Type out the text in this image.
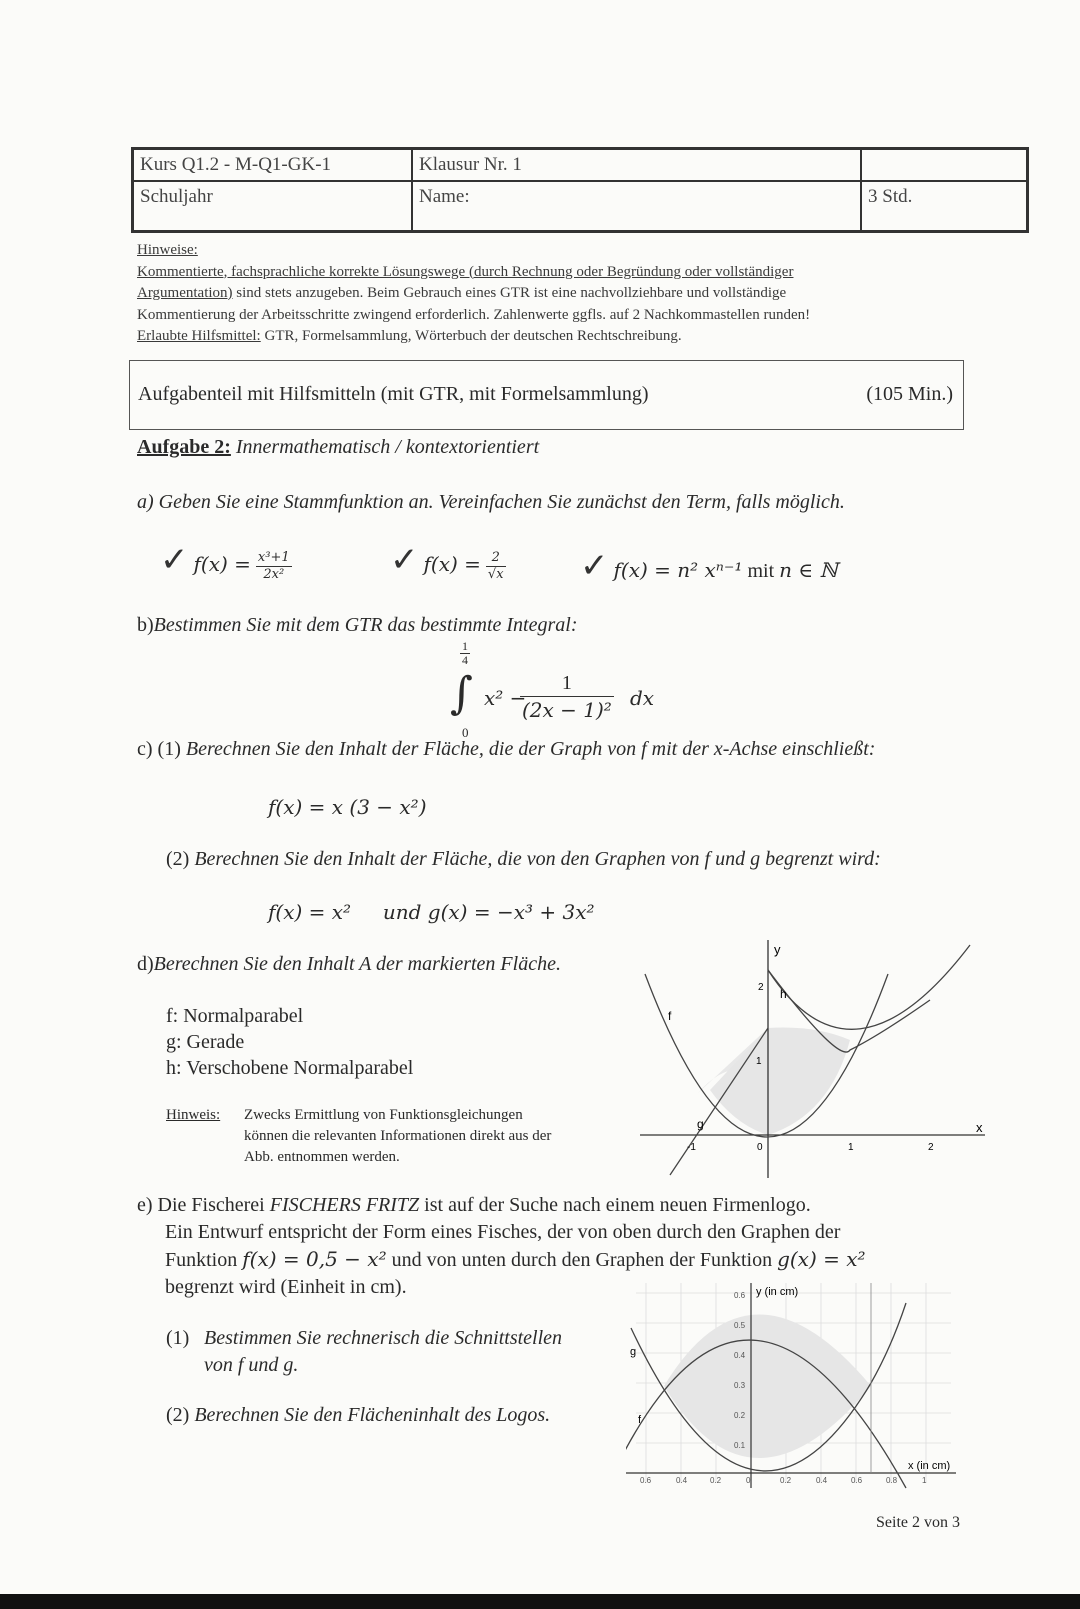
Kurs Q1.2 - M-Q1-GK-1	Klausur Nr. 1
Schuljahr	Name:	3 Std.
Hinweise:
Kommentierte, fachsprachliche korrekte Lösungswege (durch Rechnung oder Begründung oder vollständiger
Argumentation) sind stets anzugeben. Beim Gebrauch eines GTR ist eine nachvollziehbare und vollständige
Kommentierung der Arbeitsschritte zwingend erforderlich. Zahlenwerte ggfls. auf 2 Nachkommastellen runden!
Erlaubte Hilfsmittel: GTR, Formelsammlung, Wörterbuch der deutschen Rechtschreibung.
Aufgabenteil mit Hilfsmitteln (mit GTR, mit Formelsammlung)	(105 Min.)
Aufgabe 2: Innermathematisch / kontextorientiert
a) Geben Sie eine Stammfunktion an. Vereinfachen Sie zunächst den Term, falls möglich.
✓ $f(x) = \frac{\text{x³+1}}{\text{2x²}}$	✓ $f(x) = \frac{2}{√x}$ ✓ f(x) = n² xⁿ⁻¹ mit n ∈ ℕ
b)Bestimmen Sie mit dem GTR das bestimmte Integral:
$\frac{1}{4}$
∫
0
x² −
$\frac{1}{\text{(2x − 1)²}}$ dx
c) (1) Berechnen Sie den Inhalt der Fläche, die der Graph von f mit der x-Achse einschließt:
f(x) = x (3 − x²)
(2) Berechnen Sie den Inhalt der Fläche, die von den Graphen von f und g begrenzt wird:
f(x) = x² und g(x) = −x³ + 3x²
d)Berechnen Sie den Inhalt A der markierten Fläche.
f: Normalparabel
g: Gerade
h: Verschobene Normalparabel
Hinweis: Zwecks Ermittlung von Funktionsgleichungen
können die relevanten Informationen direkt aus der
Abb. entnommen werden.
y
x
f
g
h
2
1
-1	0	1	2
e) Die Fischerei FISCHERS FRITZ ist auf der Suche nach einem neuen Firmenlogo.
Ein Entwurf entspricht der Form eines Fisches, der von oben durch den Graphen der
Funktion f(x) = 0,5 − x² und von unten durch den Graphen der Funktion g(x) = x²
begrenzt wird (Einheit in cm).
(1) Bestimmen Sie rechnerisch die Schnittstellen
von f und g.
(2) Berechnen Sie den Flächeninhalt des Logos.
y (in cm)
x (in cm)
g
f
0.6
0.5
0.4
0.3
0.2
0.1
0.6	0.4	0.2	0	0.2	0.4	0.6	0.8	1
Seite 2 von 3
